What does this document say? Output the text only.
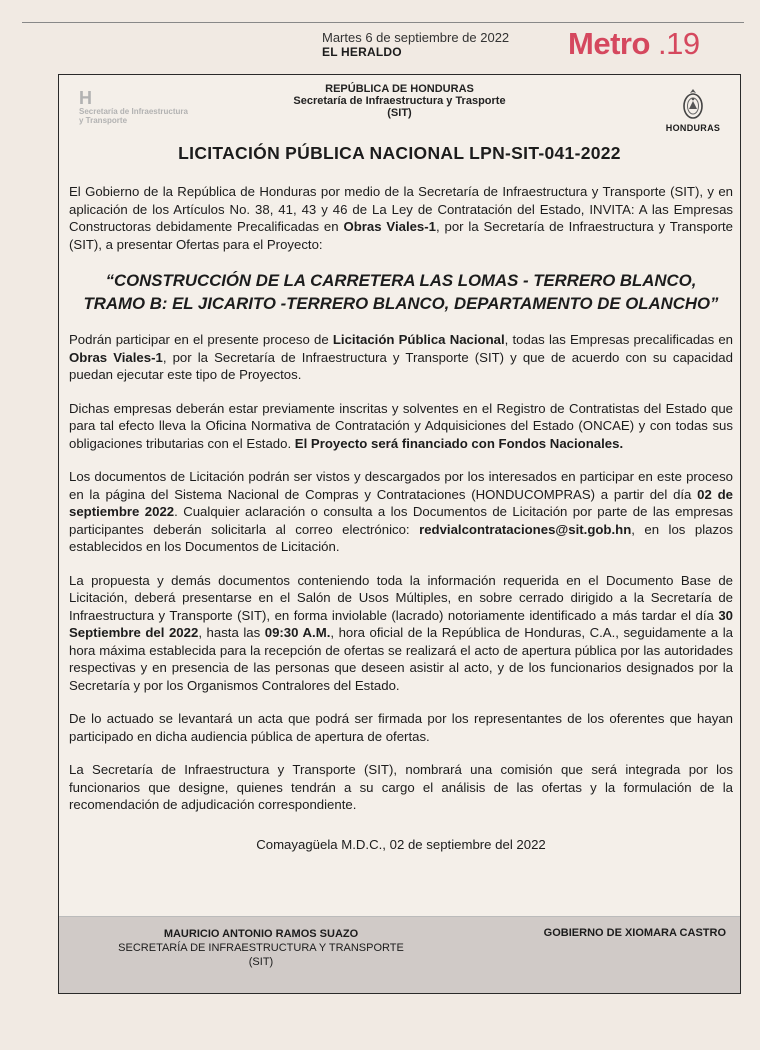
Martes 6 de septiembre de 2022
EL HERALDO	Metro .19
H
Secretaría de Infraestructura
y Transporte
REPÚBLICA DE HONDURAS
Secretaría de Infraestructura y Trasporte
(SIT)
HONDURAS
LICITACIÓN PÚBLICA NACIONAL LPN-SIT-041-2022

El Gobierno de la República de Honduras por medio de la Secretaría de Infraestructura y Transporte (SIT), y en aplicación de los Artículos No. 38, 41, 43 y 46 de La Ley de Contratación del Estado, INVITA: A las Empresas Constructoras debidamente Precalificadas en Obras Viales-1, por la Secretaría de Infraestructura y Transporte (SIT), a presentar Ofertas para el Proyecto:

“CONSTRUCCIÓN DE LA CARRETERA LAS LOMAS - TERRERO BLANCO, TRAMO B: EL JICARITO -TERRERO BLANCO, DEPARTAMENTO DE OLANCHO”

Podrán participar en el presente proceso de Licitación Pública Nacional, todas las Empresas precalificadas en Obras Viales-1, por la Secretaría de Infraestructura y Transporte (SIT) y que de acuerdo con su capacidad puedan ejecutar este tipo de Proyectos.

Dichas empresas deberán estar previamente inscritas y solventes en el Registro de Contratistas del Estado que para tal efecto lleva la Oficina Normativa de Contratación y Adquisiciones del Estado (ONCAE) y con todas sus obligaciones tributarias con el Estado. El Proyecto será financiado con Fondos Nacionales.

Los documentos de Licitación podrán ser vistos y descargados por los interesados en participar en este proceso en la página del Sistema Nacional de Compras y Contrataciones (HONDUCOMPRAS) a partir del día 02 de septiembre 2022. Cualquier aclaración o consulta a los Documentos de Licitación por parte de las empresas participantes deberán solicitarla al correo electrónico: redvialcontrataciones@sit.gob.hn, en los plazos establecidos en los Documentos de Licitación.

La propuesta y demás documentos conteniendo toda la información requerida en el Documento Base de Licitación, deberá presentarse en el Salón de Usos Múltiples, en sobre cerrado dirigido a la Secretaría de Infraestructura y Transporte (SIT), en forma inviolable (lacrado) notoriamente identificado a más tardar el día 30 Septiembre del 2022, hasta las 09:30 A.M., hora oficial de la República de Honduras, C.A., seguidamente a la hora máxima establecida para la recepción de ofertas se realizará el acto de apertura pública por las autoridades respectivas y en presencia de las personas que deseen asistir al acto, y de los funcionarios designados por la Secretaría y por los Organismos Contralores del Estado.

De lo actuado se levantará un acta que podrá ser firmada por los representantes de los oferentes que hayan participado en dicha audiencia pública de apertura de ofertas.

La Secretaría de Infraestructura y Transporte (SIT), nombrará una comisión que será integrada por los funcionarios que designe, quienes tendrán a su cargo el análisis de las ofertas y la formulación de la recomendación de adjudicación correspondiente.

Comayagüela M.D.C., 02 de septiembre del 2022
MAURICIO ANTONIO RAMOS SUAZO
SECRETARÍA DE INFRAESTRUCTURA Y TRANSPORTE
(SIT)
GOBIERNO DE XIOMARA CASTRO
